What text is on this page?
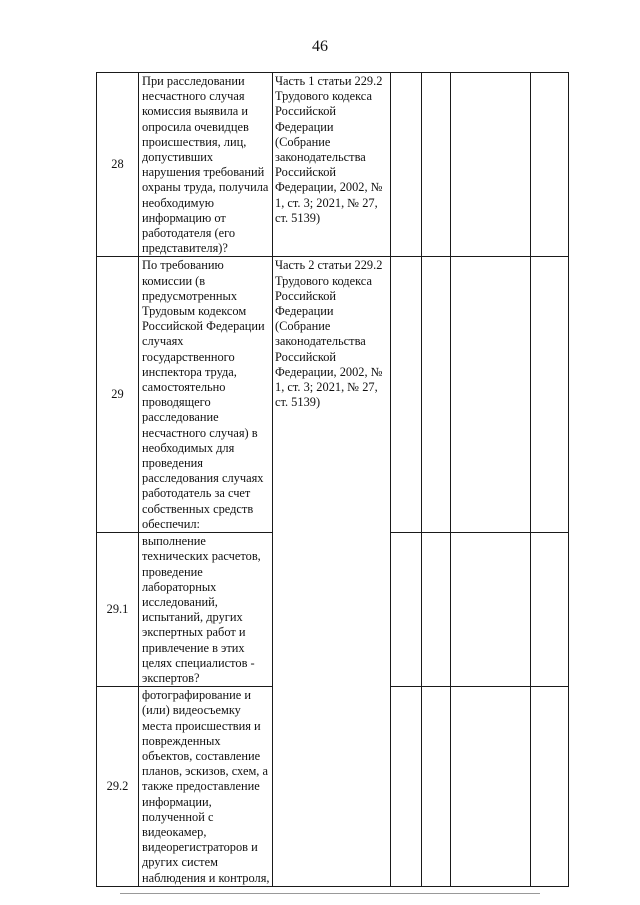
46
28	При расследовании несчастного случая комиссия выявила и опросила очевидцев происшествия, лиц, допустивших нарушения требований охраны труда, получила необходимую информацию от работодателя (его представителя)?	Часть 1 статьи 229.2 Трудового кодекса Российской Федерации (Собрание законодательства Российской Федерации, 2002, № 1, ст. 3; 2021, № 27, ст. 5139)				
29	По требованию комиссии (в предусмотренных Трудовым кодексом Российской Федерации случаях государственного инспектора труда, самостоятельно проводящего расследование несчастного случая) в необходимых для проведения расследования случаях работодатель за счет собственных средств обеспечил:	Часть 2 статьи 229.2 Трудового кодекса Российской Федерации (Собрание законодательства Российской Федерации, 2002, № 1, ст. 3; 2021, № 27, ст. 5139)				
29.1	выполнение технических расчетов, проведение лабораторных исследований, испытаний, других экспертных работ и привлечение в этих целях специалистов - экспертов?					
29.2	фотографирование и (или) видеосъемку места происшествия и поврежденных объектов, составление планов, эскизов, схем, а также предоставление информации, полученной с видеокамер, видеорегистраторов и других систем наблюдения и контроля,					
